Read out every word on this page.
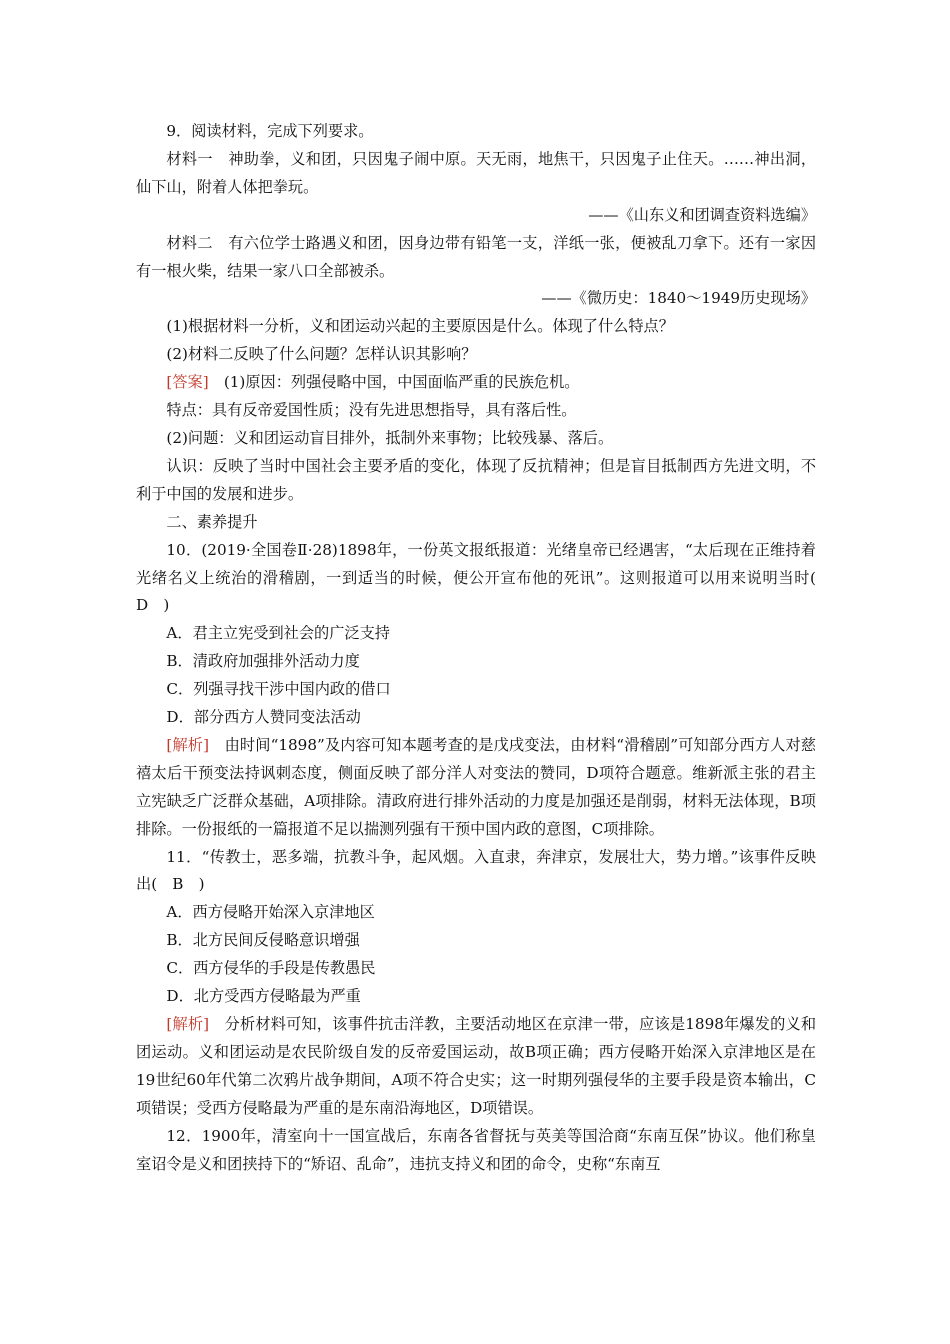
9．阅读材料，完成下列要求。

材料一　 神助拳，义和团，只因鬼子闹中原。天无雨，地焦干，只因鬼子止住天。……神出洞，仙下山，附着人体把拳玩。

——《山东义和团调查资料选编》

材料二　 有六位学士路遇义和团，因身边带有铅笔一支，洋纸一张，便被乱刀拿下。还有一家因有一根火柴，结果一家八口全部被杀。

——《微历史：1840～1949历史现场》

(1)根据材料一分析，义和团运动兴起的主要原因是什么。体现了什么特点？

(2)材料二反映了什么问题？怎样认识其影响？

[答案]　 (1)原因：列强侵略中国，中国面临严重的民族危机。

特点：具有反帝爱国性质；没有先进思想指导，具有落后性。

(2)问题：义和团运动盲目排外，抵制外来事物；比较残暴、落后。

认识：反映了当时中国社会主要矛盾的变化，体现了反抗精神；但是盲目抵制西方先进文明，不利于中国的发展和进步。

二、素养提升

10．(2019·全国卷Ⅱ·28)1898年，一份英文报纸报道：光绪皇帝已经遇害，“太后现在正维持着光绪名义上统治的滑稽剧，一到适当的时候，便公开宣布他的死讯”。这则报道可以用来说明当时(　D　)

A．君主立宪受到社会的广泛支持

B．清政府加强排外活动力度

C．列强寻找干涉中国内政的借口

D．部分西方人赞同变法活动

[解析]　 由时间“1898”及内容可知本题考查的是戊戌变法，由材料“滑稽剧”可知部分西方人对慈禧太后干预变法持讽刺态度，侧面反映了部分洋人对变法的赞同，D项符合题意。维新派主张的君主立宪缺乏广泛群众基础，A项排除。清政府进行排外活动的力度是加强还是削弱，材料无法体现，B项排除。一份报纸的一篇报道不足以揣测列强有干预中国内政的意图，C项排除。

11．“传教士，恶多端，抗教斗争，起风烟。入直隶，奔津京，发展壮大，势力增。”该事件反映出(　B　)

A．西方侵略开始深入京津地区

B．北方民间反侵略意识增强

C．西方侵华的手段是传教愚民

D．北方受西方侵略最为严重

[解析]　 分析材料可知，该事件抗击洋教，主要活动地区在京津一带，应该是1898年爆发的义和团运动。义和团运动是农民阶级自发的反帝爱国运动，故B项正确；西方侵略开始深入京津地区是在19世纪60年代第二次鸦片战争期间，A项不符合史实；这一时期列强侵华的主要手段是资本输出，C项错误；受西方侵略最为严重的是东南沿海地区，D项错误。

12．1900年，清室向十一国宣战后，东南各省督抚与英美等国洽商“东南互保”协议。他们称皇室诏令是义和团挟持下的“矫诏、乱命”，违抗支持义和团的命令，史称“东南互
